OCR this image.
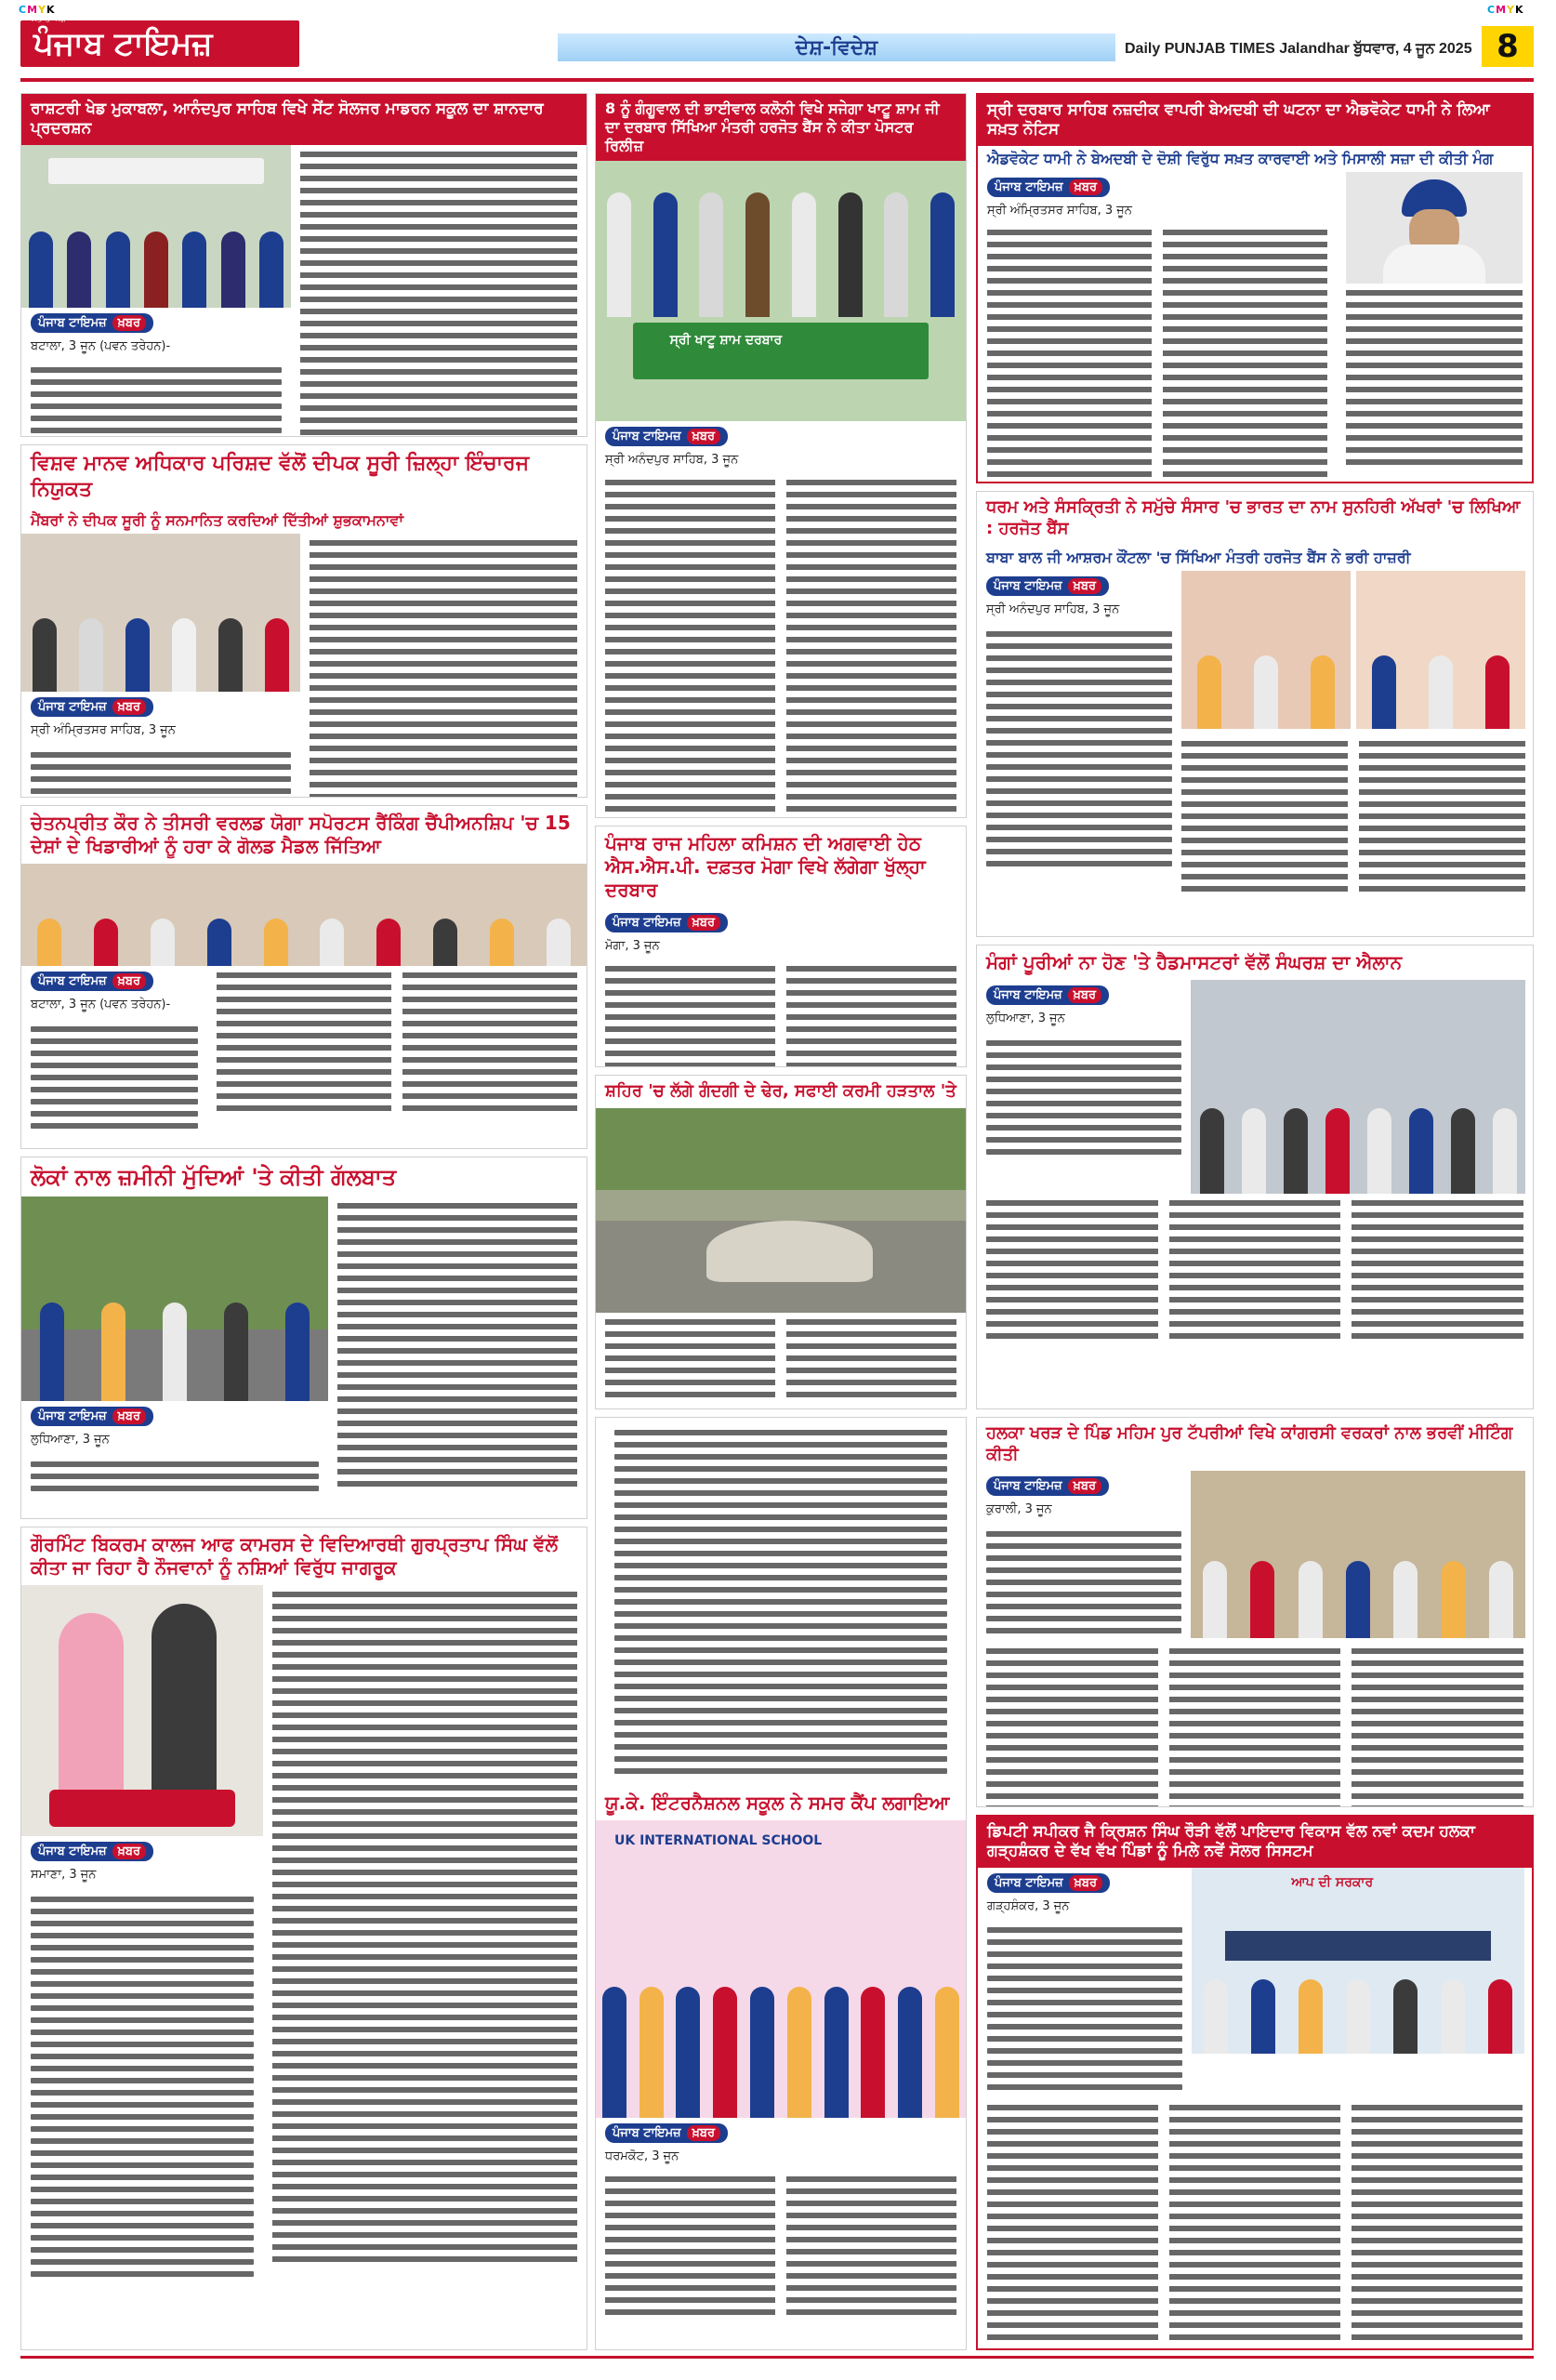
CMYK	CMYK
ਪੰਜਾਬ ਟਾਇਮਜ਼
ਸਭ ਤੋਂ ਅੱਗੇ
ਦੇਸ਼-ਵਿਦੇਸ਼	Daily PUNJAB TIMES Jalandhar ਬੁੱਧਵਾਰ, 4 ਜੂਨ 2025 8
ਰਾਸ਼ਟਰੀ ਖੇਡ ਮੁਕਾਬਲਾ, ਆਨੰਦਪੁਰ ਸਾਹਿਬ ਵਿਖੇ ਸੇਂਟ ਸੋਲਜਰ ਮਾਡਰਨ ਸਕੂਲ ਦਾ ਸ਼ਾਨਦਾਰ ਪ੍ਰਦਰਸ਼ਨ
ਪੰਜਾਬ ਟਾਇਮਜ਼ ਖ਼ਬਰ
ਬਟਾਲਾ, 3 ਜੂਨ (ਪਵਨ ਤਰੇਹਨ)-
8 ਨੂੰ ਗੰਗੂਵਾਲ ਦੀ ਭਾਈਵਾਲ ਕਲੋਨੀ ਵਿਖੇ ਸਜੇਗਾ ਖਾਟੂ ਸ਼ਾਮ ਜੀ ਦਾ ਦਰਬਾਰ ਸਿੱਖਿਆ ਮੰਤਰੀ ਹਰਜੋਤ ਬੈਂਸ ਨੇ ਕੀਤਾ ਪੋਸਟਰ ਰਿਲੀਜ਼
ਸ੍ਰੀ ਖਾਟੂ ਸ਼ਾਮ ਦਰਬਾਰ
ਪੰਜਾਬ ਟਾਇਮਜ਼ ਖ਼ਬਰ
ਸ੍ਰੀ ਅਨੰਦਪੁਰ ਸਾਹਿਬ, 3 ਜੂਨ
ਸ੍ਰੀ ਦਰਬਾਰ ਸਾਹਿਬ ਨਜ਼ਦੀਕ ਵਾਪਰੀ ਬੇਅਦਬੀ ਦੀ ਘਟਨਾ ਦਾ ਐਡਵੋਕੇਟ ਧਾਮੀ ਨੇ ਲਿਆ ਸਖ਼ਤ ਨੋਟਿਸ
ਐਡਵੋਕੇਟ ਧਾਮੀ ਨੇ ਬੇਅਦਬੀ ਦੇ ਦੋਸ਼ੀ ਵਿਰੁੱਧ ਸਖ਼ਤ ਕਾਰਵਾਈ ਅਤੇ ਮਿਸਾਲੀ ਸਜ਼ਾ ਦੀ ਕੀਤੀ ਮੰਗ
ਪੰਜਾਬ ਟਾਇਮਜ਼ ਖ਼ਬਰ
ਸ੍ਰੀ ਅੰਮ੍ਰਿਤਸਰ ਸਾਹਿਬ, 3 ਜੂਨ
ਵਿਸ਼ਵ ਮਾਨਵ ਅਧਿਕਾਰ ਪਰਿਸ਼ਦ ਵੱਲੋਂ ਦੀਪਕ ਸੂਰੀ ਜ਼ਿਲ੍ਹਾ ਇੰਚਾਰਜ ਨਿਯੁਕਤ
ਮੈਂਬਰਾਂ ਨੇ ਦੀਪਕ ਸੂਰੀ ਨੂੰ ਸਨਮਾਨਿਤ ਕਰਦਿਆਂ ਦਿੱਤੀਆਂ ਸ਼ੁਭਕਾਮਨਾਵਾਂ
ਪੰਜਾਬ ਟਾਇਮਜ਼ ਖ਼ਬਰ
ਸ੍ਰੀ ਅੰਮ੍ਰਿਤਸਰ ਸਾਹਿਬ, 3 ਜੂਨ
ਪੰਜਾਬ ਰਾਜ ਮਹਿਲਾ ਕਮਿਸ਼ਨ ਦੀ ਅਗਵਾਈ ਹੇਠ ਐਸ.ਐਸ.ਪੀ. ਦਫ਼ਤਰ ਮੋਗਾ ਵਿਖੇ ਲੱਗੇਗਾ ਖੁੱਲ੍ਹਾ ਦਰਬਾਰ
ਪੰਜਾਬ ਟਾਇਮਜ਼ ਖ਼ਬਰ
ਮੋਗਾ, 3 ਜੂਨ
ਧਰਮ ਅਤੇ ਸੰਸਕ੍ਰਿਤੀ ਨੇ ਸਮੁੱਚੇ ਸੰਸਾਰ 'ਚ ਭਾਰਤ ਦਾ ਨਾਮ ਸੁਨਹਿਰੀ ਅੱਖਰਾਂ 'ਚ ਲਿਖਿਆ : ਹਰਜੋਤ ਬੈਂਸ
ਬਾਬਾ ਬਾਲ ਜੀ ਆਸ਼ਰਮ ਕੌਂਟਲਾ 'ਚ ਸਿੱਖਿਆ ਮੰਤਰੀ ਹਰਜੋਤ ਬੈਂਸ ਨੇ ਭਰੀ ਹਾਜ਼ਰੀ
ਪੰਜਾਬ ਟਾਇਮਜ਼ ਖ਼ਬਰ
ਸ੍ਰੀ ਅਨੰਦਪੁਰ ਸਾਹਿਬ, 3 ਜੂਨ
ਚੇਤਨਪ੍ਰੀਤ ਕੌਰ ਨੇ ਤੀਸਰੀ ਵਰਲਡ ਯੋਗਾ ਸਪੋਰਟਸ ਰੈਂਕਿੰਗ ਚੈਂਪੀਅਨਸ਼ਿਪ 'ਚ 15 ਦੇਸ਼ਾਂ ਦੇ ਖਿਡਾਰੀਆਂ ਨੂੰ ਹਰਾ ਕੇ ਗੋਲਡ ਮੈਡਲ ਜਿੱਤਿਆ
ਪੰਜਾਬ ਟਾਇਮਜ਼ ਖ਼ਬਰ
ਬਟਾਲਾ, 3 ਜੂਨ (ਪਵਨ ਤਰੇਹਨ)-
ਸ਼ਹਿਰ 'ਚ ਲੱਗੇ ਗੰਦਗੀ ਦੇ ਢੇਰ, ਸਫਾਈ ਕਰਮੀ ਹੜਤਾਲ 'ਤੇ
ਮੰਗਾਂ ਪੂਰੀਆਂ ਨਾ ਹੋਣ 'ਤੇ ਹੈਡਮਾਸਟਰਾਂ ਵੱਲੋਂ ਸੰਘਰਸ਼ ਦਾ ਐਲਾਨ
ਪੰਜਾਬ ਟਾਇਮਜ਼ ਖ਼ਬਰ
ਲੁਧਿਆਣਾ, 3 ਜੂਨ
ਲੋਕਾਂ ਨਾਲ ਜ਼ਮੀਨੀ ਮੁੱਦਿਆਂ 'ਤੇ ਕੀਤੀ ਗੱਲਬਾਤ
ਪੰਜਾਬ ਟਾਇਮਜ਼ ਖ਼ਬਰ
ਲੁਧਿਆਣਾ, 3 ਜੂਨ	ਹਲਕਾ ਖਰੜ ਦੇ ਪਿੰਡ ਮਹਿਮ ਪੁਰ ਟੱਪਰੀਆਂ ਵਿਖੇ ਕਾਂਗਰਸੀ ਵਰਕਰਾਂ ਨਾਲ ਭਰਵੀਂ ਮੀਟਿੰਗ ਕੀਤੀ
ਪੰਜਾਬ ਟਾਇਮਜ਼ ਖ਼ਬਰ
ਕੁਰਾਲੀ, 3 ਜੂਨ
ਗੌਰਮਿੰਟ ਬਿਕਰਮ ਕਾਲਜ ਆਫ ਕਾਮਰਸ ਦੇ ਵਿਦਿਆਰਥੀ ਗੁਰਪ੍ਰਤਾਪ ਸਿੰਘ ਵੱਲੋਂ ਕੀਤਾ ਜਾ ਰਿਹਾ ਹੈ ਨੌਜਵਾਨਾਂ ਨੂੰ ਨਸ਼ਿਆਂ ਵਿਰੁੱਧ ਜਾਗਰੂਕ
ਪੰਜਾਬ ਟਾਇਮਜ਼ ਖ਼ਬਰ
ਸਮਾਣਾ, 3 ਜੂਨ
ਯੂ.ਕੇ. ਇੰਟਰਨੈਸ਼ਨਲ ਸਕੂਲ ਨੇ ਸਮਰ ਕੈਂਪ ਲਗਾਇਆ
UK INTERNATIONAL SCHOOL
ਪੰਜਾਬ ਟਾਇਮਜ਼ ਖ਼ਬਰ
ਧਰਮਕੋਟ, 3 ਜੂਨ
ਡਿਪਟੀ ਸਪੀਕਰ ਜੈ ਕ੍ਰਿਸ਼ਨ ਸਿੰਘ ਰੌੜੀ ਵੱਲੋਂ ਪਾਇਦਾਰ ਵਿਕਾਸ ਵੱਲ ਨਵਾਂ ਕਦਮ ਹਲਕਾ ਗੜ੍ਹਸ਼ੰਕਰ ਦੇ ਵੱਖ ਵੱਖ ਪਿੰਡਾਂ ਨੂੰ ਮਿਲੇ ਨਵੇਂ ਸੋਲਰ ਸਿਸਟਮ
ਪੰਜਾਬ ਟਾਇਮਜ਼ ਖ਼ਬਰ
ਗੜ੍ਹਸ਼ੰਕਰ, 3 ਜੂਨ
ਆਪ ਦੀ ਸਰਕਾਰ
